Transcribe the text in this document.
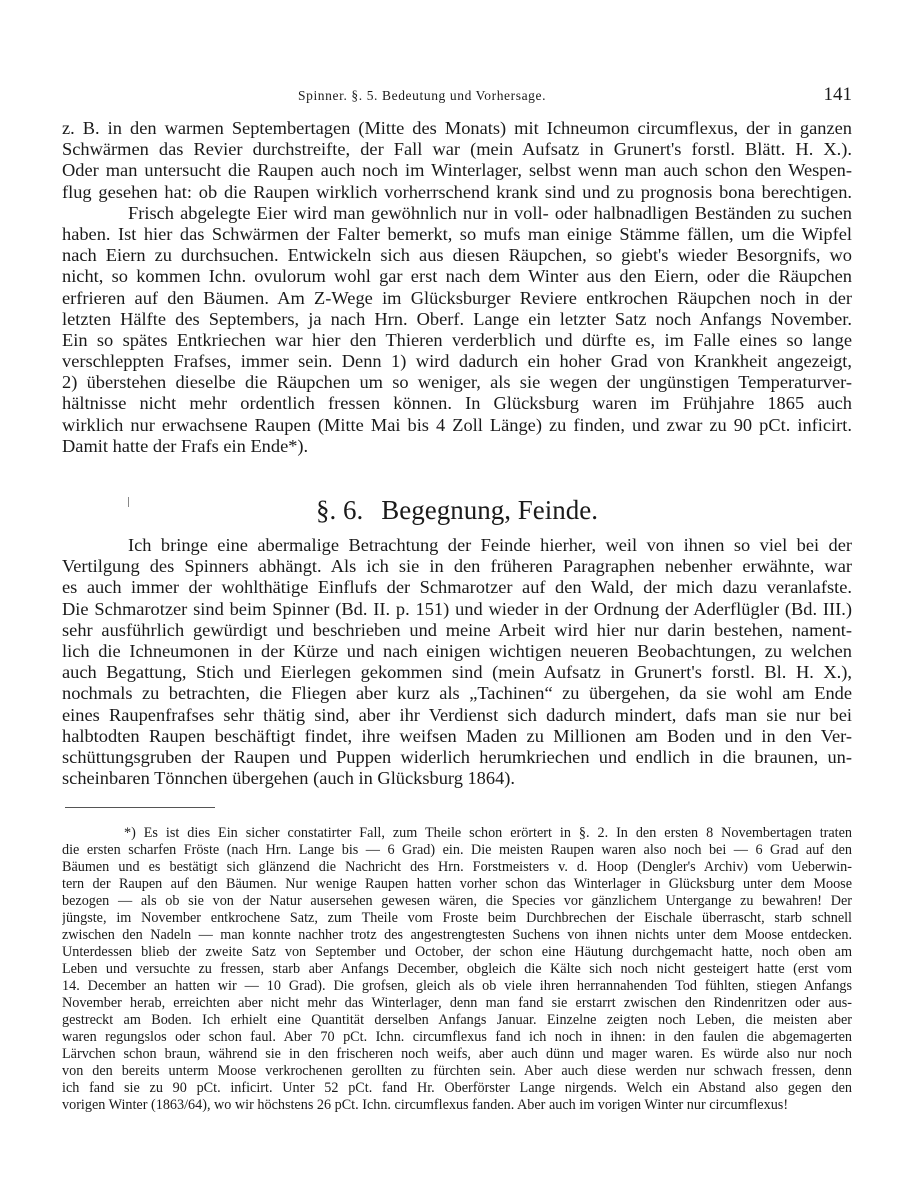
Spinner. §. 5. Bedeutung und Vorhersage.	141
z. B. in den warmen Septembertagen (Mitte des Monats) mit Ichneumon circumflexus, der in ganzen
Schwärmen das Revier durchstreifte, der Fall war (mein Aufsatz in Grunert's forstl. Blätt. H. X.).
Oder man untersucht die Raupen auch noch im Winterlager, selbst wenn man auch schon den Wespen-
flug gesehen hat: ob die Raupen wirklich vorherrschend krank sind und zu prognosis bona berechtigen.
Frisch abgelegte Eier wird man gewöhnlich nur in voll- oder halbnadligen Beständen zu suchen
haben. Ist hier das Schwärmen der Falter bemerkt, so mufs man einige Stämme fällen, um die Wipfel
nach Eiern zu durchsuchen. Entwickeln sich aus diesen Räupchen, so giebt's wieder Besorgnifs, wo
nicht, so kommen Ichn. ovulorum wohl gar erst nach dem Winter aus den Eiern, oder die Räupchen
erfrieren auf den Bäumen. Am Z-Wege im Glücksburger Reviere entkrochen Räupchen noch in der
letzten Hälfte des Septembers, ja nach Hrn. Oberf. Lange ein letzter Satz noch Anfangs November.
Ein so spätes Entkriechen war hier den Thieren verderblich und dürfte es, im Falle eines so lange
verschleppten Frafses, immer sein. Denn 1) wird dadurch ein hoher Grad von Krankheit angezeigt,
2) überstehen dieselbe die Räupchen um so weniger, als sie wegen der ungünstigen Temperaturver-
hältnisse nicht mehr ordentlich fressen können. In Glücksburg waren im Frühjahre 1865 auch
wirklich nur erwachsene Raupen (Mitte Mai bis 4 Zoll Länge) zu finden, und zwar zu 90 pCt. inficirt.
Damit hatte der Frafs ein Ende*).
§. 6. Begegnung, Feinde.
Ich bringe eine abermalige Betrachtung der Feinde hierher, weil von ihnen so viel bei der
Vertilgung des Spinners abhängt. Als ich sie in den früheren Paragraphen nebenher erwähnte, war
es auch immer der wohlthätige Einflufs der Schmarotzer auf den Wald, der mich dazu veranlafste.
Die Schmarotzer sind beim Spinner (Bd. II. p. 151) und wieder in der Ordnung der Aderflügler (Bd. III.)
sehr ausführlich gewürdigt und beschrieben und meine Arbeit wird hier nur darin bestehen, nament-
lich die Ichneumonen in der Kürze und nach einigen wichtigen neueren Beobachtungen, zu welchen
auch Begattung, Stich und Eierlegen gekommen sind (mein Aufsatz in Grunert's forstl. Bl. H. X.),
nochmals zu betrachten, die Fliegen aber kurz als „Tachinen“ zu übergehen, da sie wohl am Ende
eines Raupenfrafses sehr thätig sind, aber ihr Verdienst sich dadurch mindert, dafs man sie nur bei
halbtodten Raupen beschäftigt findet, ihre weifsen Maden zu Millionen am Boden und in den Ver-
schüttungsgruben der Raupen und Puppen widerlich herumkriechen und endlich in die braunen, un-
scheinbaren Tönnchen übergehen (auch in Glücksburg 1864).
*) Es ist dies Ein sicher constatirter Fall, zum Theile schon erörtert in §. 2. In den ersten 8 Novembertagen traten
die ersten scharfen Fröste (nach Hrn. Lange bis — 6 Grad) ein. Die meisten Raupen waren also noch bei — 6 Grad auf den
Bäumen und es bestätigt sich glänzend die Nachricht des Hrn. Forstmeisters v. d. Hoop (Dengler's Archiv) vom Ueberwin-
tern der Raupen auf den Bäumen. Nur wenige Raupen hatten vorher schon das Winterlager in Glücksburg unter dem Moose
bezogen — als ob sie von der Natur ausersehen gewesen wären, die Species vor gänzlichem Untergange zu bewahren! Der
jüngste, im November entkrochene Satz, zum Theile vom Froste beim Durchbrechen der Eischale überrascht, starb schnell
zwischen den Nadeln — man konnte nachher trotz des angestrengtesten Suchens von ihnen nichts unter dem Moose entdecken.
Unterdessen blieb der zweite Satz von September und October, der schon eine Häutung durchgemacht hatte, noch oben am
Leben und versuchte zu fressen, starb aber Anfangs December, obgleich die Kälte sich noch nicht gesteigert hatte (erst vom
14. December an hatten wir — 10 Grad). Die grofsen, gleich als ob viele ihren herrannahenden Tod fühlten, stiegen Anfangs
November herab, erreichten aber nicht mehr das Winterlager, denn man fand sie erstarrt zwischen den Rindenritzen oder aus-
gestreckt am Boden. Ich erhielt eine Quantität derselben Anfangs Januar. Einzelne zeigten noch Leben, die meisten aber
waren regungslos oder schon faul. Aber 70 pCt. Ichn. circumflexus fand ich noch in ihnen: in den faulen die abgemagerten
Lärvchen schon braun, während sie in den frischeren noch weifs, aber auch dünn und mager waren. Es würde also nur noch
von den bereits unterm Moose verkrochenen gerollten zu fürchten sein. Aber auch diese werden nur schwach fressen, denn
ich fand sie zu 90 pCt. inficirt. Unter 52 pCt. fand Hr. Oberförster Lange nirgends. Welch ein Abstand also gegen den
vorigen Winter (1863/64), wo wir höchstens 26 pCt. Ichn. circumflexus fanden. Aber auch im vorigen Winter nur circumflexus!
